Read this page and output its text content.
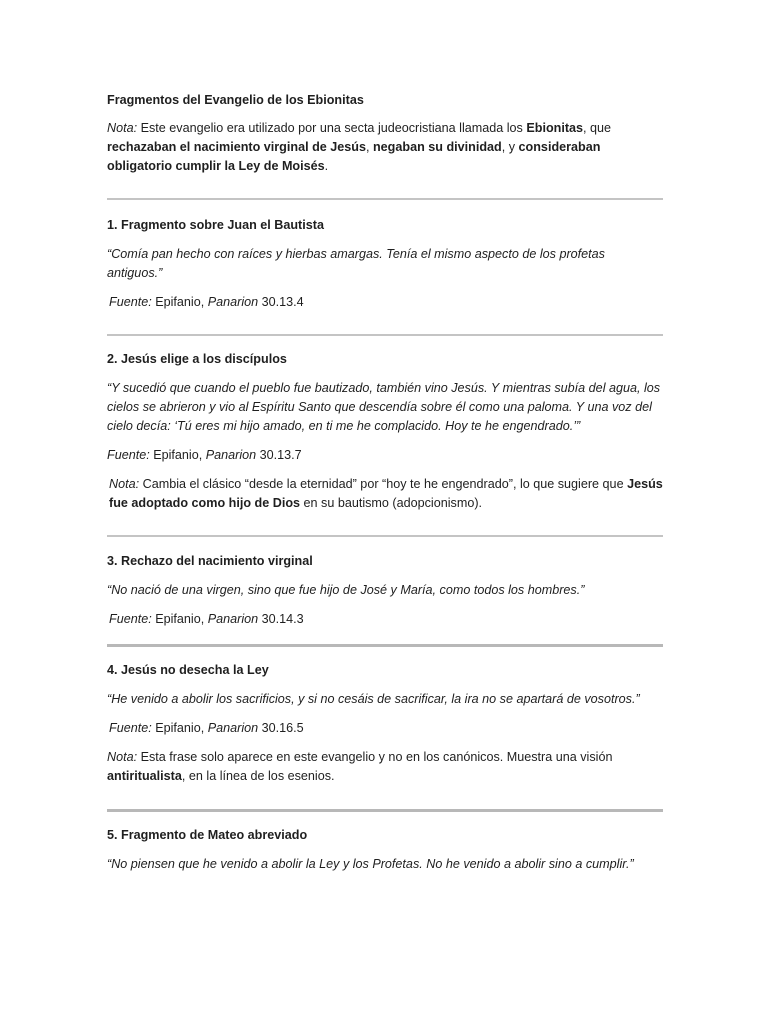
Fragmentos del Evangelio de los Ebionitas

Nota: Este evangelio era utilizado por una secta judeocristiana llamada los Ebionitas, que rechazaban el nacimiento virginal de Jesús, negaban su divinidad, y consideraban obligatorio cumplir la Ley de Moisés.

1. Fragmento sobre Juan el Bautista

“Comía pan hecho con raíces y hierbas amargas. Tenía el mismo aspecto de los profetas antiguos.”

Fuente: Epifanio, Panarion 30.13.4

2. Jesús elige a los discípulos

“Y sucedió que cuando el pueblo fue bautizado, también vino Jesús. Y mientras subía del agua, los cielos se abrieron y vio al Espíritu Santo que descendía sobre él como una paloma. Y una voz del cielo decía: ‘Tú eres mi hijo amado, en ti me he complacido. Hoy te he engendrado.’”

Fuente: Epifanio, Panarion 30.13.7

Nota: Cambia el clásico “desde la eternidad” por “hoy te he engendrado”, lo que sugiere que Jesús fue adoptado como hijo de Dios en su bautismo (adopcionismo).

3. Rechazo del nacimiento virginal

“No nació de una virgen, sino que fue hijo de José y María, como todos los hombres.”

Fuente: Epifanio, Panarion 30.14.3

4. Jesús no desecha la Ley

“He venido a abolir los sacrificios, y si no cesáis de sacrificar, la ira no se apartará de vosotros.”

Fuente: Epifanio, Panarion 30.16.5

Nota: Esta frase solo aparece en este evangelio y no en los canónicos. Muestra una visión antiritualista, en la línea de los esenios.

5. Fragmento de Mateo abreviado

“No piensen que he venido a abolir la Ley y los Profetas. No he venido a abolir sino a cumplir.”
